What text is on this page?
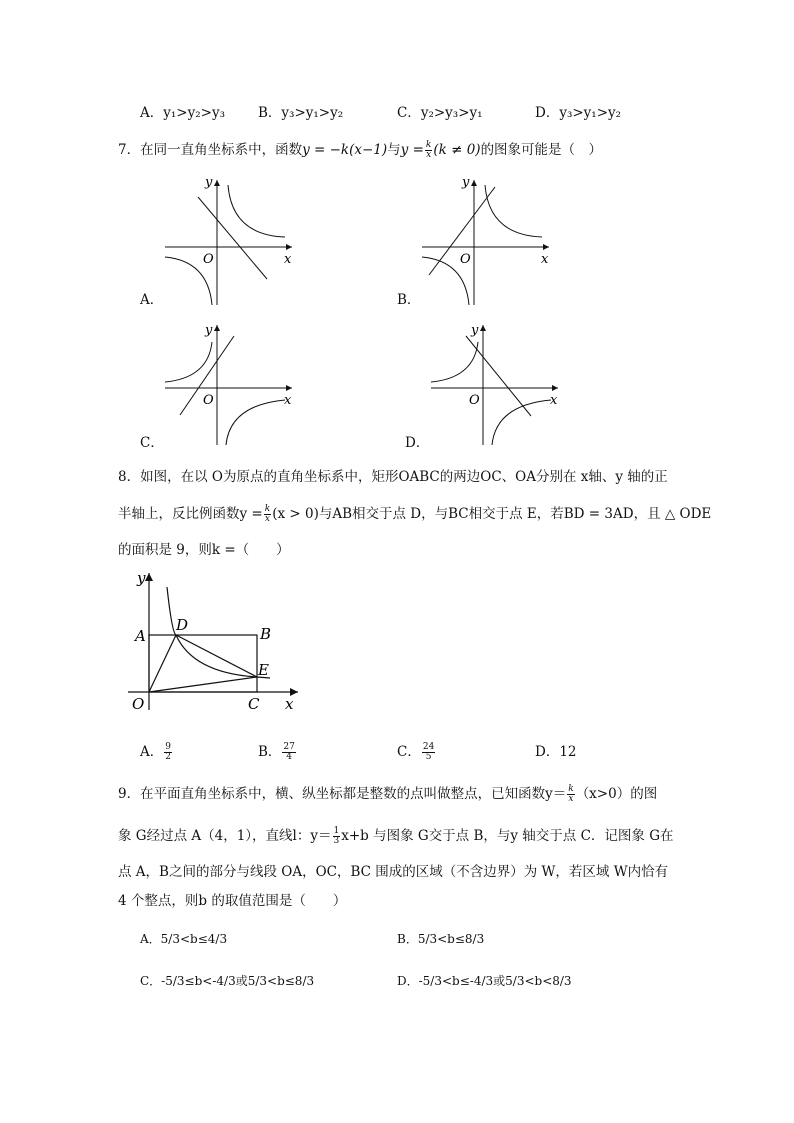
A．y₁>y₂>y₃ B．y₃>y₁>y₂	C．y₂>y₃>y₁	D．y₃>y₁>y₂
7．在同一直角坐标系中，函数y = −k(x−1)与$y = \frac{k}{x} (k \ne 0)$的图象可能是（　）
y
x
O
A．
y
x
O
B．
y
x
O
C．
y
x
O
D．
8．如图，在以 O为原点的直角坐标系中，矩形OABC的两边OC、OA分别在 x轴、y 轴的正
半轴上，反比例函数$y = \frac{k}{x} (x > 0)$与AB相交于点 D，与BC相交于点 E，若BD = 3AD，且 △ ODE
的面积是 9，则k =（　　）
y
x
O
A	B
C
D
E
A． $\frac{9}{2}$	B． $\frac{27}{4}$	C． $\frac{24}{5}$	D．12
9．在平面直角坐标系中，横、纵坐标都是整数的点叫做整点，已知函数$y= \frac{k}{x} (x>0)$的图
象 G经过点 A（4，1），直线l：$y= \frac{1}{3} x+b$ 与图象 G交于点 B，与y 轴交于点 C．记图象 G在
点 A，B之间的部分与线段 OA，OC，BC 围成的区域（不含边界）为 W，若区域 W内恰有
4 个整点，则b 的取值范围是（　　）
A．5/3<b≤4/3	B．5/3<b≤8/3
C．-5/3≤b<-4/3或5/3<b≤8/3	D．-5/3<b≤-4/3或5/3<b<8/3
